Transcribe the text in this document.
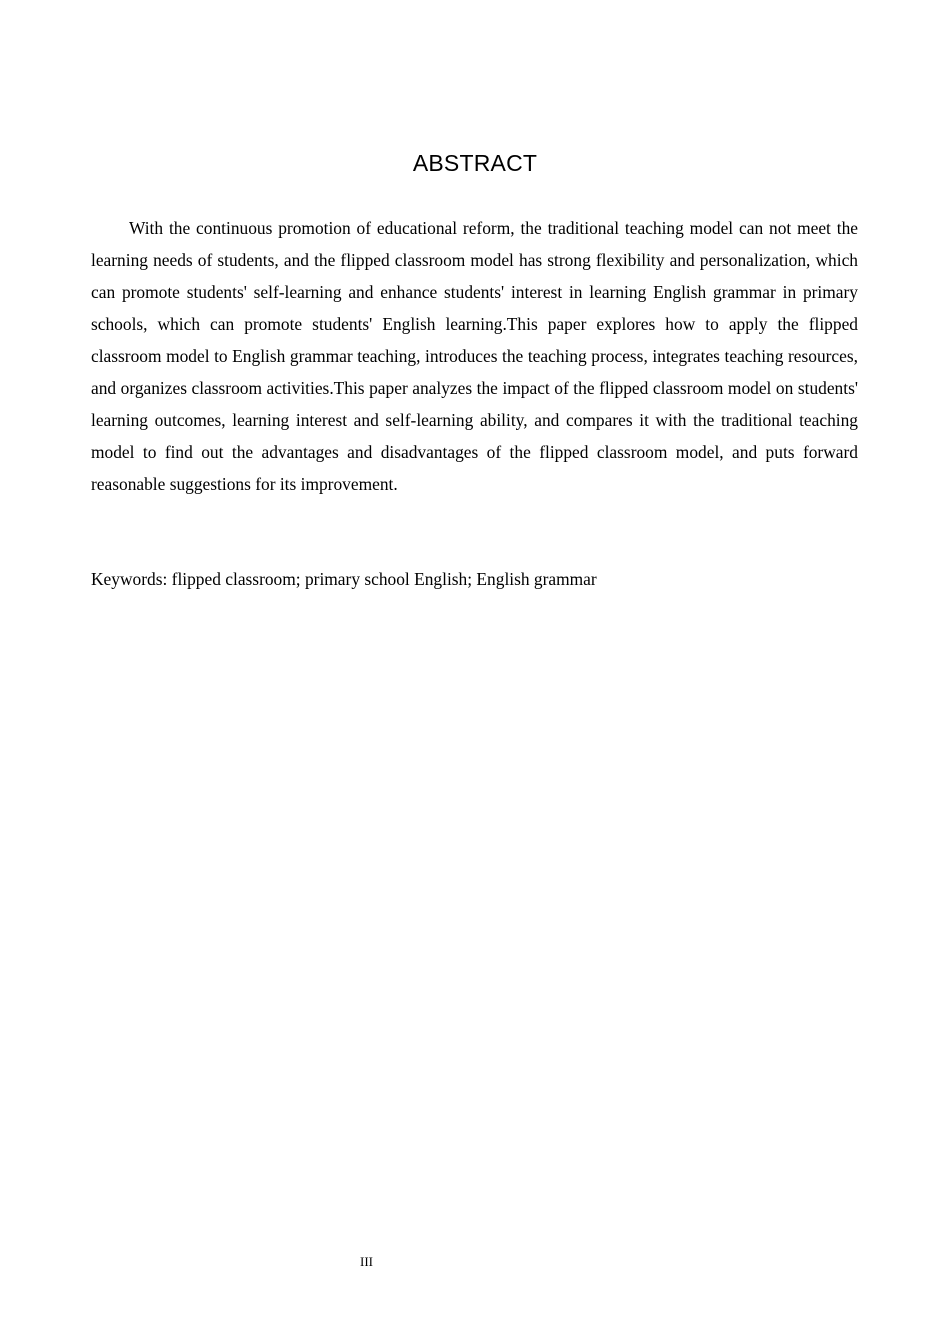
ABSTRACT

With the continuous promotion of educational reform, the traditional teaching model can not meet the learning needs of students, and the flipped classroom model has strong flexibility and personalization, which can promote students' self-learning and enhance students' interest in learning English grammar in primary schools, which can promote students' English learning.This paper explores how to apply the flipped classroom model to English grammar teaching, introduces the teaching process, integrates teaching resources, and organizes classroom activities.This paper analyzes the impact of the flipped classroom model on students' learning outcomes, learning interest and self-learning ability, and compares it with the traditional teaching model to find out the advantages and disadvantages of the flipped classroom model, and puts forward reasonable suggestions for its improvement.

Keywords: flipped classroom; primary school English; English grammar

III
